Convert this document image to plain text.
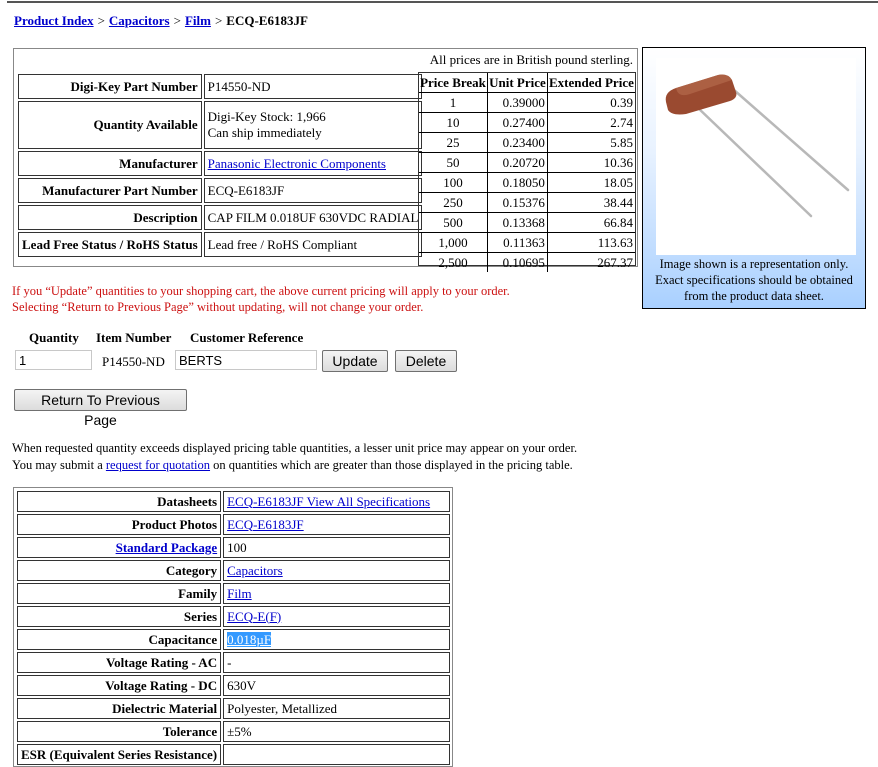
Product Index > Capacitors > Film > ECQ-E6183JF
All prices are in British pound sterling.
Digi-Key Part Number	P14550-ND
Quantity Available	Digi-Key Stock: 1,966
Can ship immediately

Manufacturer	Panasonic Electronic Components
Manufacturer Part Number	ECQ-E6183JF
Description	CAP FILM 0.018UF 630VDC RADIAL
Lead Free Status / RoHS Status	Lead free / RoHS Compliant
Price Break	Unit Price	Extended Price
1	0.39000	0.39
10	0.27400	2.74
25	0.23400	5.85
50	0.20720	10.36
100	0.18050	18.05
250	0.15376	38.44
500	0.13368	66.84
1,000	0.11363	113.63
2,500	0.10695	267.37	Image shown is a representation only.
Exact specifications should be obtained
from the product data sheet.
If you “Update” quantities to your shopping cart, the above current pricing will apply to your order.
Selecting “Return to Previous Page” without updating, will not change your order.
Quantity Item Number Customer Reference
1
P14550-ND
BERTS	Update	Delete
Return To Previous Page
When requested quantity exceeds displayed pricing table quantities, a lesser unit price may appear on your order.
You may submit a request for quotation on quantities which are greater than those displayed in the pricing table.
Datasheets	ECQ-E6183JF View All Specifications
Product Photos	ECQ-E6183JF
Standard Package	100
Category	Capacitors
Family	Film
Series	ECQ-E(F)
Capacitance	0.018µF
Voltage Rating - AC	-
Voltage Rating - DC	630V
Dielectric Material	Polyester, Metallized
Tolerance	±5%
ESR (Equivalent Series Resistance)	
